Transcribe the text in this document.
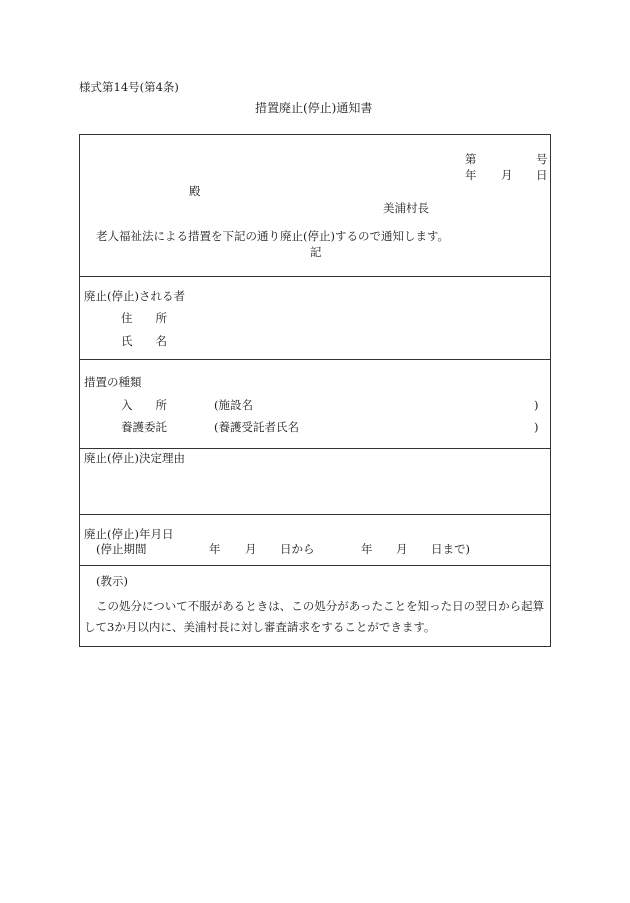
様式第14号(第4条)
措置廃止(停止)通知書
第	号
年 月 日
殿
美浦村長
老人福祉法による措置を下記の通り廃止(停止)するので通知します。
記
廃止(停止)される者
住　　所
氏　　名
措置の種類
入　　所	(施設名	)
養護委託	(養護受託者氏名	)
廃止(停止)決定理由
廃止(停止)年月日
(停止期間	年 月 日から	年 月 日まで)
(教示)
この処分について不服があるときは、この処分があったことを知った日の翌日から起算
して3か月以内に、美浦村長に対し審査請求をすることができます。
